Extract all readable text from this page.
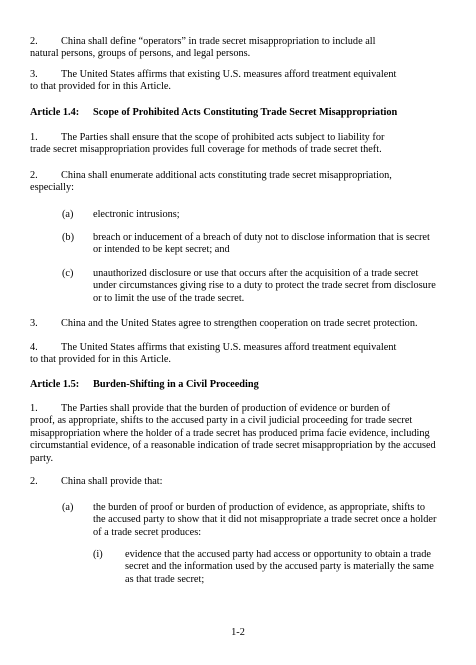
2. China shall define “operators” in trade secret misappropriation to include all
natural persons, groups of persons, and legal persons.
3. The United States affirms that existing U.S. measures afford treatment equivalent
to that provided for in this Article.
Article 1.4: Scope of Prohibited Acts Constituting Trade Secret Misappropriation
1. The Parties shall ensure that the scope of prohibited acts subject to liability for
trade secret misappropriation provides full coverage for methods of trade secret theft.
2. China shall enumerate additional acts constituting trade secret misappropriation,
especially:
(a) electronic intrusions;
(b) breach or inducement of a breach of duty not to disclose information that is secret
or intended to be kept secret; and
(c) unauthorized disclosure or use that occurs after the acquisition of a trade secret
under circumstances giving rise to a duty to protect the trade secret from disclosure
or to limit the use of the trade secret.
3. China and the United States agree to strengthen cooperation on trade secret protection.
4. The United States affirms that existing U.S. measures afford treatment equivalent
to that provided for in this Article.
Article 1.5: Burden-Shifting in a Civil Proceeding
1. The Parties shall provide that the burden of production of evidence or burden of
proof, as appropriate, shifts to the accused party in a civil judicial proceeding for trade secret
misappropriation where the holder of a trade secret has produced prima facie evidence, including
circumstantial evidence, of a reasonable indication of trade secret misappropriation by the accused
party.
2. China shall provide that:
(a) the burden of proof or burden of production of evidence, as appropriate, shifts to
the accused party to show that it did not misappropriate a trade secret once a holder
of a trade secret produces:
(i) evidence that the accused party had access or opportunity to obtain a trade
secret and the information used by the accused party is materially the same
as that trade secret;
1-2
